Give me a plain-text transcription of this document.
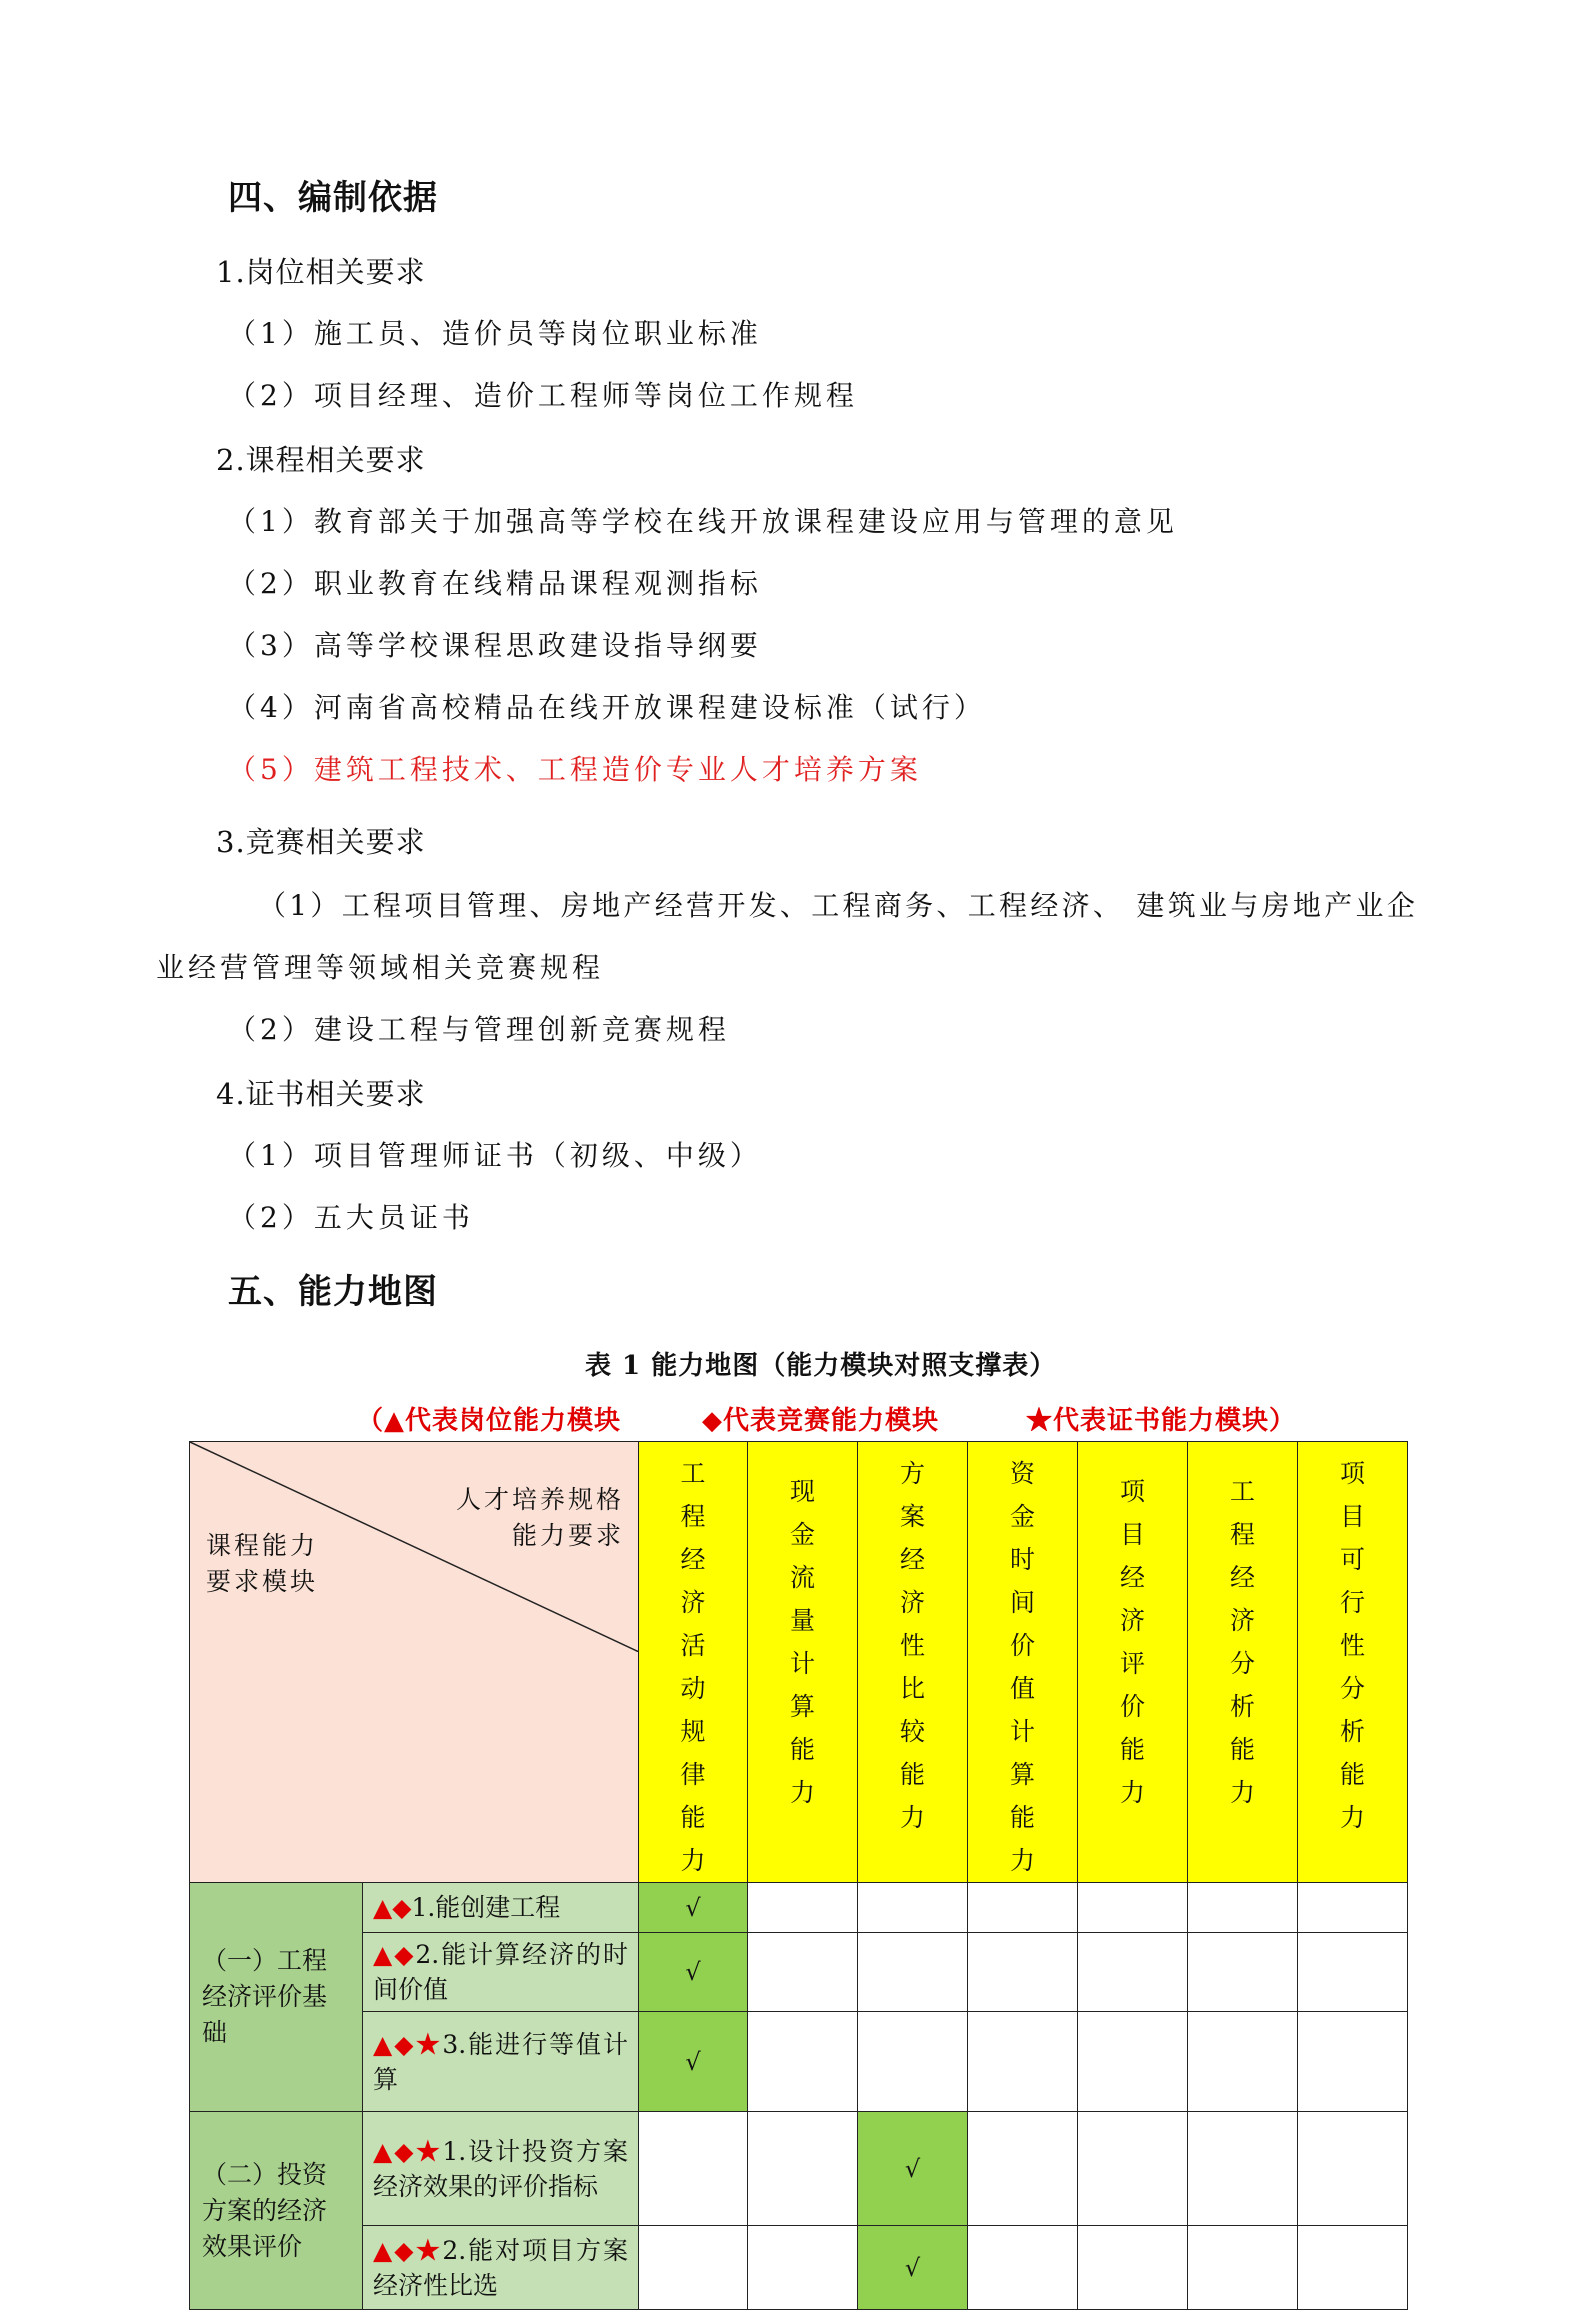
四、编制依据
1.岗位相关要求
（1）施工员、造价员等岗位职业标准
（2）项目经理、造价工程师等岗位工作规程
2.课程相关要求
（1）教育部关于加强高等学校在线开放课程建设应用与管理的意见
（2）职业教育在线精品课程观测指标
（3）高等学校课程思政建设指导纲要
（4）河南省高校精品在线开放课程建设标准（试行）
（5）建筑工程技术、工程造价专业人才培养方案
3.竞赛相关要求
（1）工程项目管理、房地产经营开发、工程商务、工程经济、 建筑业与房地产业企
业经营管理等领域相关竞赛规程
（2）建设工程与管理创新竞赛规程
4.证书相关要求
（1）项目管理师证书（初级、中级）
（2）五大员证书
五、能力地图
表 1 能力地图（能力模块对照支撑表）
（▲代表岗位能力模块	◆代表竞赛能力模块	★代表证书能力模块）
人才培养规格能力要求
课程能力要求模块		工程经济活动规律能力	现金流量计算能力	方案经济性比较能力	资金时间价值计算能力	项目经济评价能力	工程经济分析能力	项目可行性分析能力

（一）工程经济评价基础	▲◆1.能创建工程	√						
	▲◆2.能计算经济的时间价值	√						
	▲◆★3.能进行等值计算	√						
（二）投资方案的经济效果评价	▲◆★1.设计投资方案经济效果的评价指标			√				
	▲◆★2.能对项目方案经济性比选			√				
